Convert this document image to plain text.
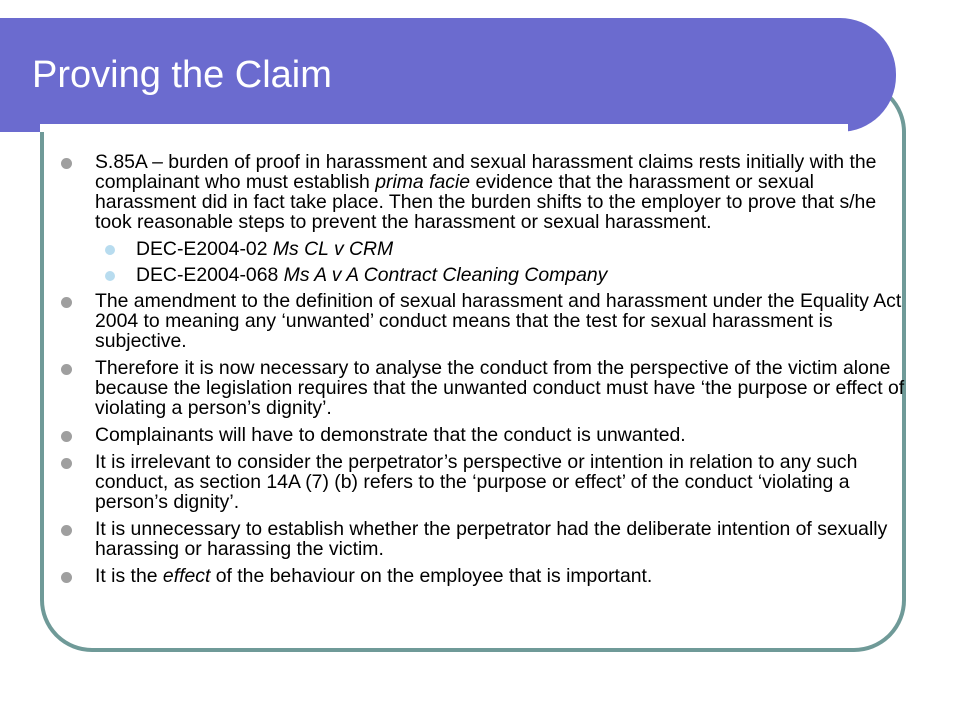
Proving the Claim
S.85A – burden of proof in harassment and sexual harassment claims rests initially with the complainant who must establish prima facie evidence that the harassment or sexual harassment did in fact take place. Then the burden shifts to the employer to prove that s/he took reasonable steps to prevent the harassment or sexual harassment.
DEC-E2004-02 Ms CL v CRM
DEC-E2004-068 Ms A v A Contract Cleaning Company
The amendment to the definition of sexual harassment and harassment under the Equality Act 2004 to meaning any ‘unwanted’ conduct means that the test for sexual harassment is subjective.
Therefore it is now necessary to analyse the conduct from the perspective of the victim alone because the legislation requires that the unwanted conduct must have ‘the purpose or effect of violating a person’s dignity’.
Complainants will have to demonstrate that the conduct is unwanted.
It is irrelevant to consider the perpetrator’s perspective or intention in relation to any such conduct, as section 14A (7) (b) refers to the ‘purpose or effect’ of the conduct ‘violating a person’s dignity’.
It is unnecessary to establish whether the perpetrator had the deliberate intention of sexually harassing or harassing the victim.
It is the effect of the behaviour on the employee that is important.
